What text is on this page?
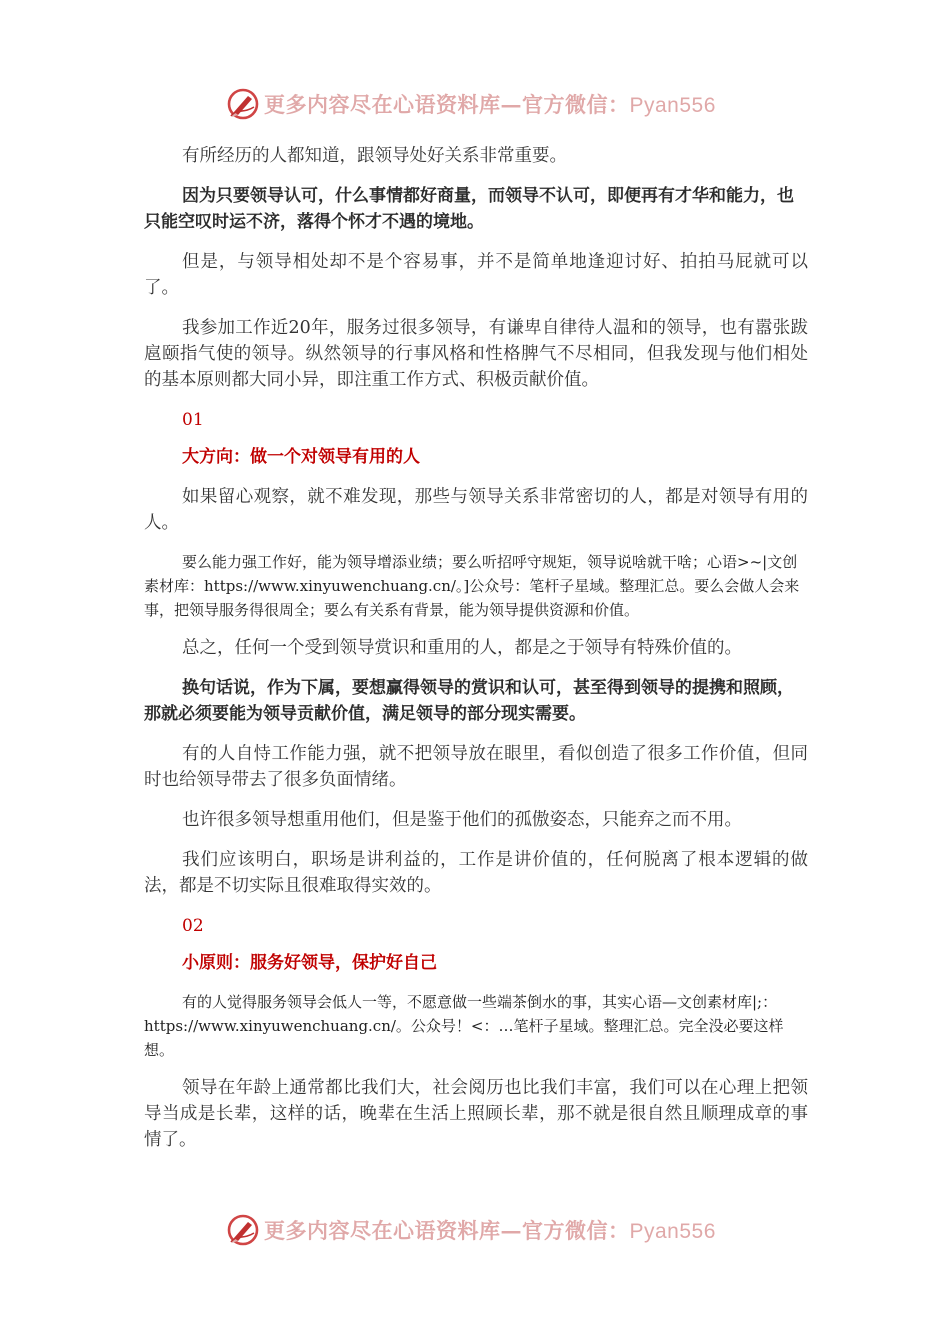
更多内容尽在心语资料库—官方微信：Pyan556

有所经历的人都知道，跟领导处好关系非常重要。

因为只要领导认可，什么事情都好商量，而领导不认可，即便再有才华和能力，也只能空叹时运不济，落得个怀才不遇的境地。

但是，与领导相处却不是个容易事，并不是简单地逢迎讨好、拍拍马屁就可以了。

我参加工作近20年，服务过很多领导，有谦卑自律待人温和的领导，也有嚣张跋扈颐指气使的领导。纵然领导的行事风格和性格脾气不尽相同，但我发现与他们相处的基本原则都大同小异，即注重工作方式、积极贡献价值。

01

大方向：做一个对领导有用的人

如果留心观察，就不难发现，那些与领导关系非常密切的人，都是对领导有用的人。

要么能力强工作好，能为领导增添业绩；要么听招呼守规矩，领导说啥就干啥；心语>~|文创素材库：https://www.xinyuwenchuang.cn/。]公众号：笔杆子星域。整理汇总。要么会做人会来事，把领导服务得很周全；要么有关系有背景，能为领导提供资源和价值。

总之，任何一个受到领导赏识和重用的人，都是之于领导有特殊价值的。

换句话说，作为下属，要想赢得领导的赏识和认可，甚至得到领导的提携和照顾，那就必须要能为领导贡献价值，满足领导的部分现实需要。

有的人自恃工作能力强，就不把领导放在眼里，看似创造了很多工作价值，但同时也给领导带去了很多负面情绪。

也许很多领导想重用他们，但是鉴于他们的孤傲姿态，只能弃之而不用。

我们应该明白，职场是讲利益的，工作是讲价值的，任何脱离了根本逻辑的做法，都是不切实际且很难取得实效的。

02

小原则：服务好领导，保护好自己

有的人觉得服务领导会低人一等，不愿意做一些端茶倒水的事，其实心语—文创素材库|;：https://www.xinyuwenchuang.cn/。公众号！<：…笔杆子星域。整理汇总。完全没必要这样想。

领导在年龄上通常都比我们大，社会阅历也比我们丰富，我们可以在心理上把领导当成是长辈，这样的话，晚辈在生活上照顾长辈，那不就是很自然且顺理成章的事情了。

更多内容尽在心语资料库—官方微信：Pyan556
